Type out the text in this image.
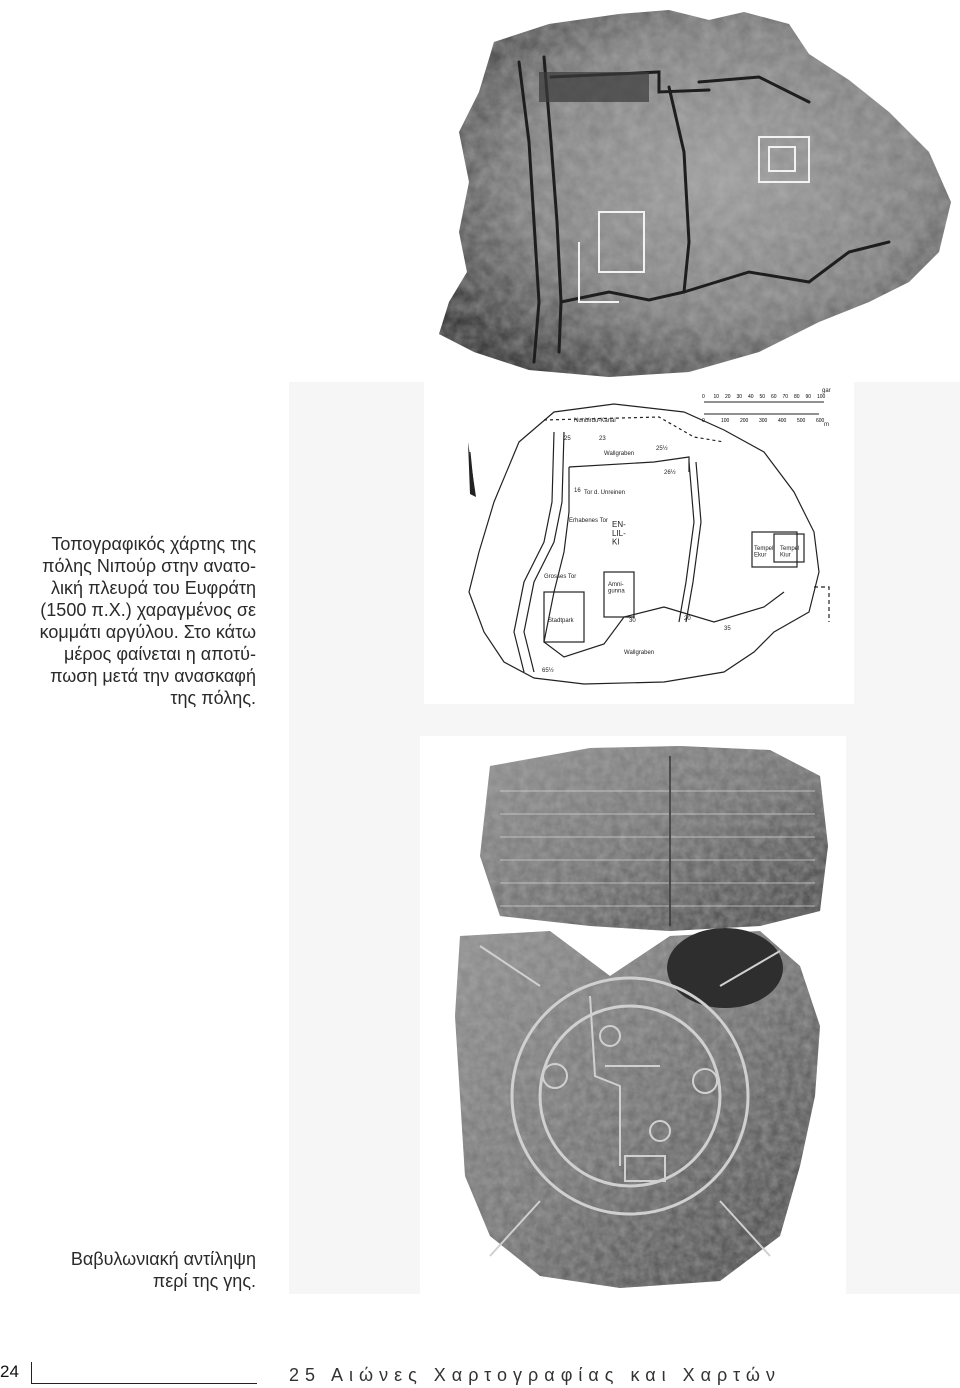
gar
m
Nunbirdu-Kanal
Wallgraben
Tor d. Unreinen
Erhabenes Tor EN-LIL-KI
Grosses Tor
Amni-gunna
Stadtpark
Wallgraben
Tempel Ekur
Tempel Kiur
25	23
25½
26½
30
35
65½
16
20
0 10 20 30 40 50 60 70 80 90 100
0	100 200 300 400 500 600
Τοπογραφικός χάρτης της
πόλης Νιπούρ στην ανατο-
λική πλευρά του Ευφράτη
(1500 π.Χ.) χαραγμένος σε
κομμάτι αργύλου. Στο κάτω
μέρος φαίνεται η αποτύ-
πωση μετά την ανασκαφή
της πόλης.
Βαβυλωνιακή αντίληψη
περί της γης.
24	25 Αιώνες Χαρτογραφίας και Χαρτών
